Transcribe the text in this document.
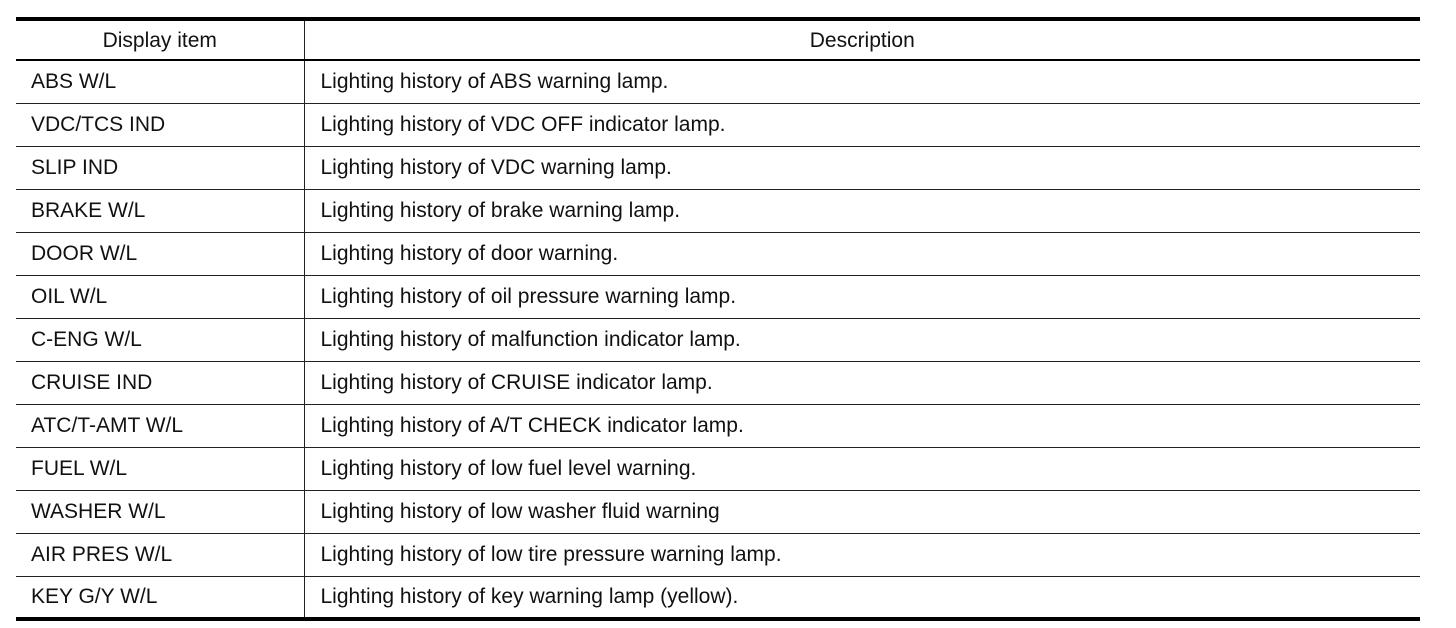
Display item	Description
ABS W/L	Lighting history of ABS warning lamp.
VDC/TCS IND	Lighting history of VDC OFF indicator lamp.
SLIP IND	Lighting history of VDC warning lamp.
BRAKE W/L	Lighting history of brake warning lamp.
DOOR W/L	Lighting history of door warning.
OIL W/L	Lighting history of oil pressure warning lamp.
C-ENG W/L	Lighting history of malfunction indicator lamp.
CRUISE IND	Lighting history of CRUISE indicator lamp.
ATC/T-AMT W/L	Lighting history of A/T CHECK indicator lamp.
FUEL W/L	Lighting history of low fuel level warning.
WASHER W/L	Lighting history of low washer fluid warning
AIR PRES W/L	Lighting history of low tire pressure warning lamp.
KEY G/Y W/L	Lighting history of key warning lamp (yellow).
